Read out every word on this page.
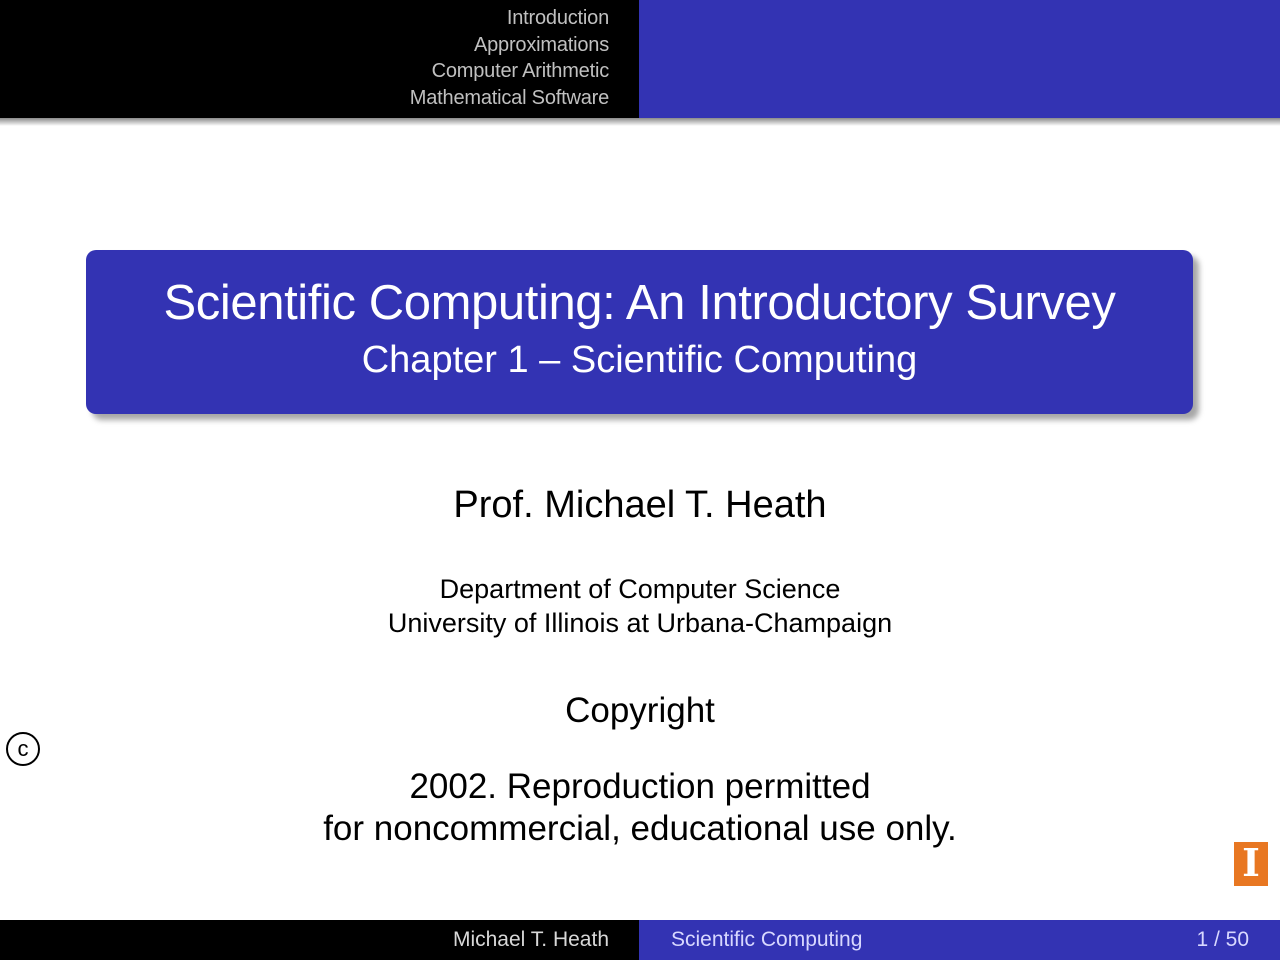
Introduction
Approximations
Computer Arithmetic
Mathematical Software
Scientific Computing: An Introductory Survey
Chapter 1 – Scientific Computing
Prof. Michael T. Heath
Department of Computer Science
University of Illinois at Urbana-Champaign
Copyright
c
2002. Reproduction permitted
for noncommercial, educational use only.
I
Michael T. Heath	Scientific Computing	1 / 50
